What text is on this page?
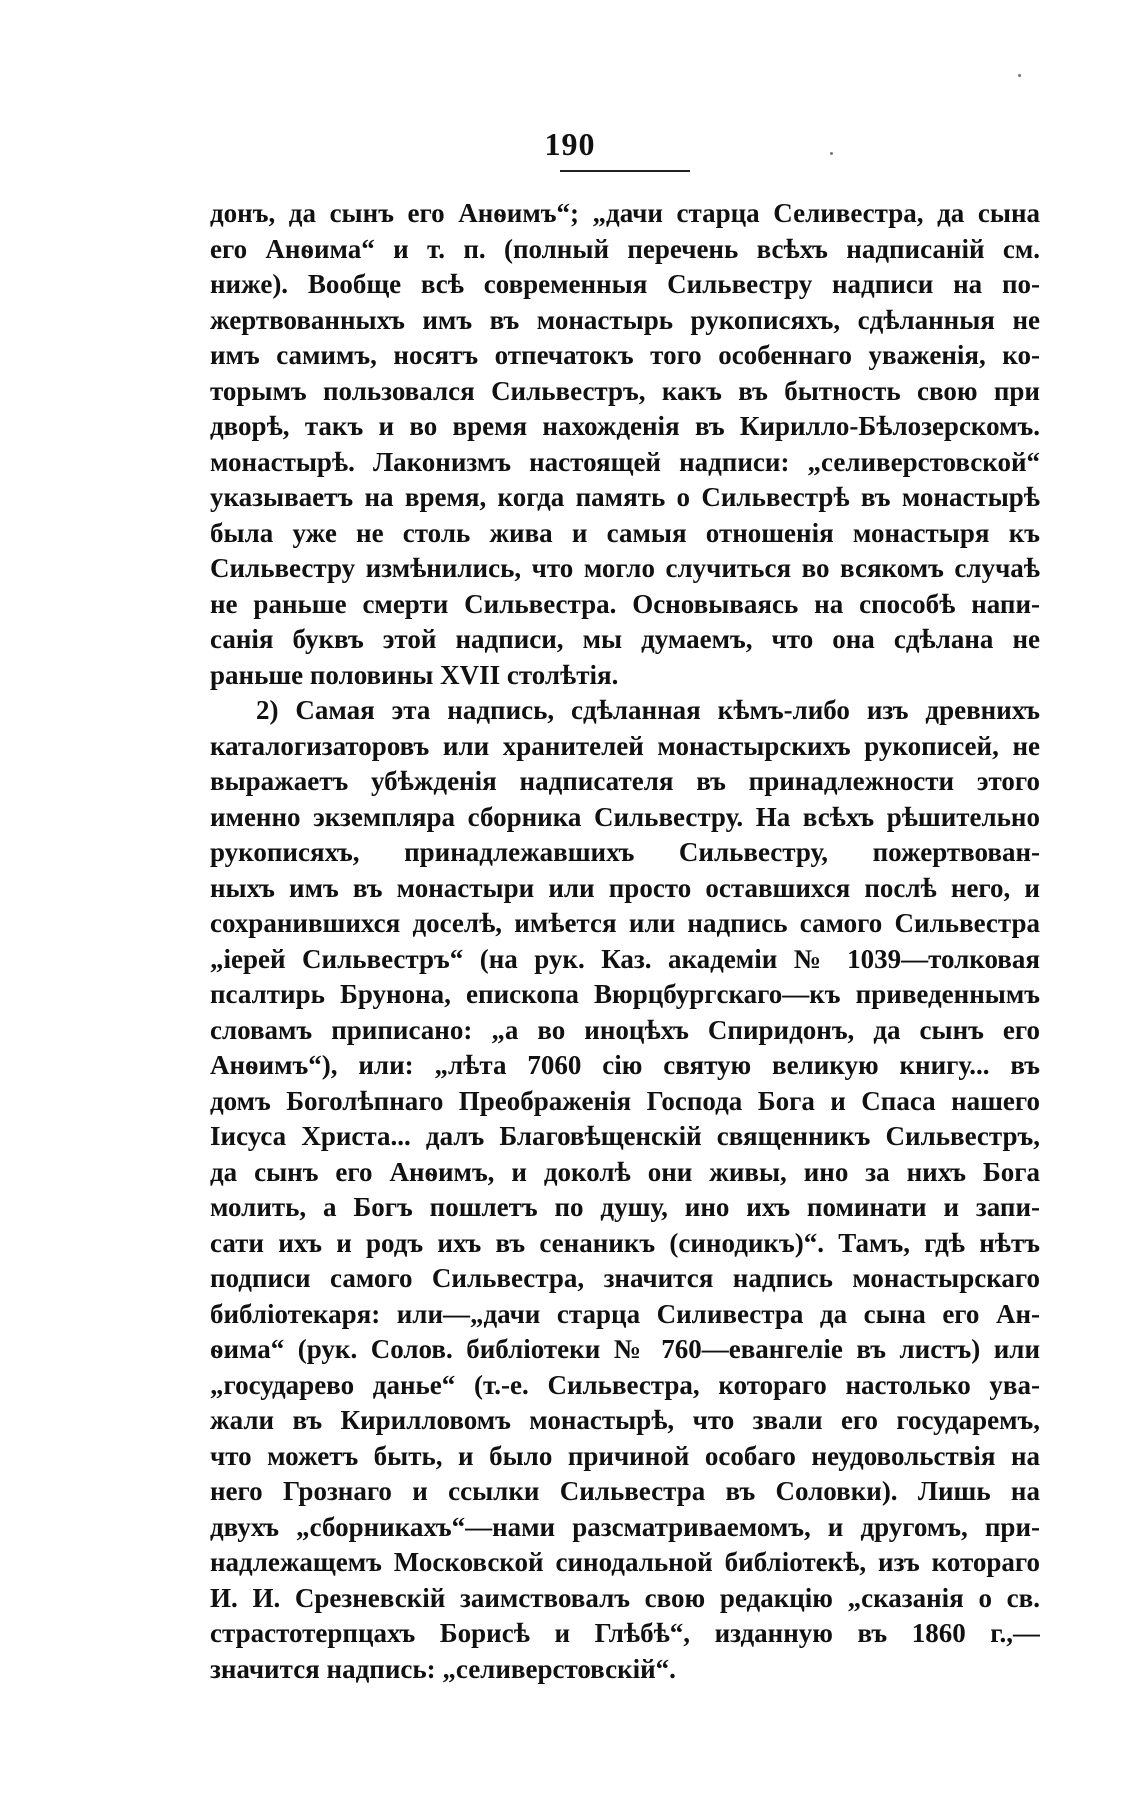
190
донъ, да сынъ его Анѳимъ“; „дачи старца Селивестра, да сына
его Анѳима“ и т. п. (полный перечень всѣхъ надписаній см.
ниже). Вообще всѣ современныя Сильвестру надписи на по-
жертвованныхъ имъ въ монастырь рукописяхъ, сдѣланныя не
имъ самимъ, носятъ отпечатокъ того особеннаго уваженія, ко-
торымъ пользовался Сильвестръ, какъ въ бытность свою при
дворѣ, такъ и во время нахожденія въ Кирилло-Бѣлозерскомъ.
монастырѣ. Лаконизмъ настоящей надписи: „селиверстовской“
указываетъ на время, когда память о Сильвестрѣ въ монастырѣ
была уже не столь жива и самыя отношенія монастыря къ
Сильвестру измѣнились, что могло случиться во всякомъ случаѣ
не раньше смерти Сильвестра. Основываясь на способѣ напи-
санія буквъ этой надписи, мы думаемъ, что она сдѣлана не
раньше половины XVII столѣтія.
2) Самая эта надпись, сдѣланная кѣмъ-либо изъ древнихъ
каталогизаторовъ или хранителей монастырскихъ рукописей, не
выражаетъ убѣжденія надписателя въ принадлежности этого
именно экземпляра сборника Сильвестру. На всѣхъ рѣшительно
рукописяхъ, принадлежавшихъ Сильвестру, пожертвован-
ныхъ имъ въ монастыри или просто оставшихся послѣ него, и
сохранившихся доселѣ, имѣется или надпись самого Сильвестра
„іерей Сильвестръ“ (на рук. Каз. академіи № 1039—толковая
псалтирь Брунона, епископа Вюрцбургскаго—къ приведеннымъ
словамъ приписано: „а во иноцѣхъ Спиридонъ, да сынъ его
Анѳимъ“), или: „лѣта 7060 сію святую великую книгу... въ
домъ Боголѣпнаго Преображенія Господа Бога и Спаса нашего
Іисуса Христа... далъ Благовѣщенскій священникъ Сильвестръ,
да сынъ его Анѳимъ, и доколѣ они живы, ино за нихъ Бога
молить, а Богъ пошлетъ по душу, ино ихъ поминати и запи-
сати ихъ и родъ ихъ въ сенаникъ (синодикъ)“. Тамъ, гдѣ нѣтъ
подписи самого Сильвестра, значится надпись монастырскаго
библіотекаря: или—„дачи старца Силивестра да сына его Ан-
ѳима“ (рук. Солов. библіотеки № 760—евангеліе въ листъ) или
„государево данье“ (т.-е. Сильвестра, котораго настолько ува-
жали въ Кирилловомъ монастырѣ, что звали его государемъ,
что можетъ быть, и было причиной особаго неудовольствія на
него Грознаго и ссылки Сильвестра въ Соловки). Лишь на
двухъ „сборникахъ“—нами разсматриваемомъ, и другомъ, при-
надлежащемъ Московской синодальной библіотекѣ, изъ котораго
И. И. Срезневскій заимствовалъ свою редакцію „сказанія о св.
страстотерпцахъ Борисѣ и Глѣбѣ“, изданную въ 1860 г.,—
значится надпись: „селиверстовскій“.
